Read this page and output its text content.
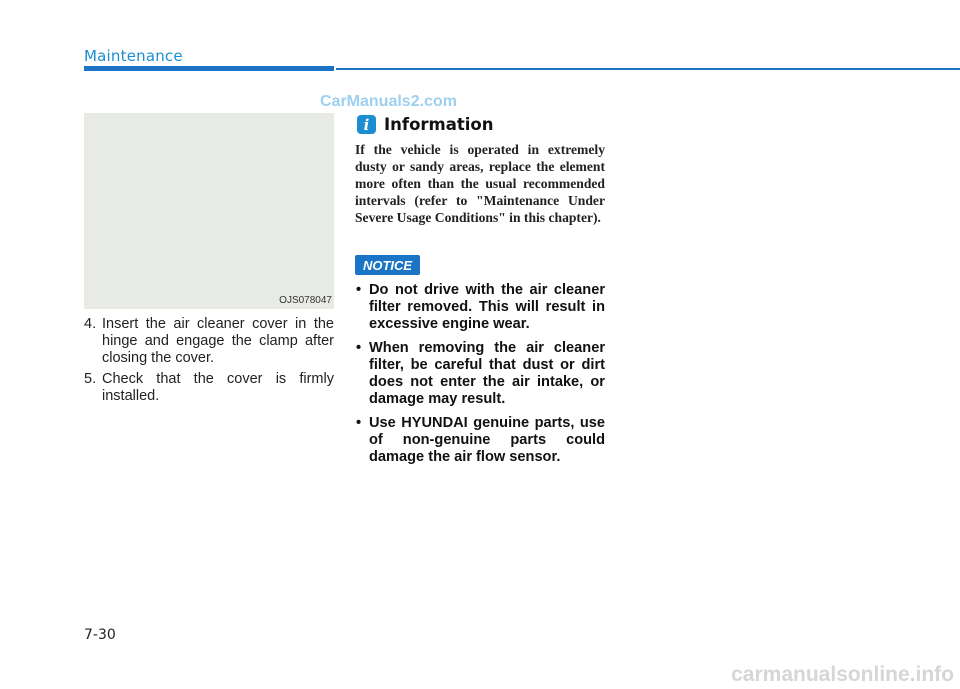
Maintenance
CarManuals2.com
OJS078047
4. Insert the air cleaner cover in the hinge and engage the clamp after closing the cover.
5. Check that the cover is firmly installed.
i Information
If the vehicle is operated in extremely dusty or sandy areas, replace the element more often than the usual recommended intervals (refer to "Maintenance Under Severe Usage Conditions" in this chapter).
NOTICE
• Do not drive with the air cleaner filter removed. This will result in excessive engine wear.
• When removing the air cleaner filter, be careful that dust or dirt does not enter the air intake, or damage may result.
• Use HYUNDAI genuine parts, use of non-genuine parts could damage the air flow sensor.
7-30
carmanualsonline.info
